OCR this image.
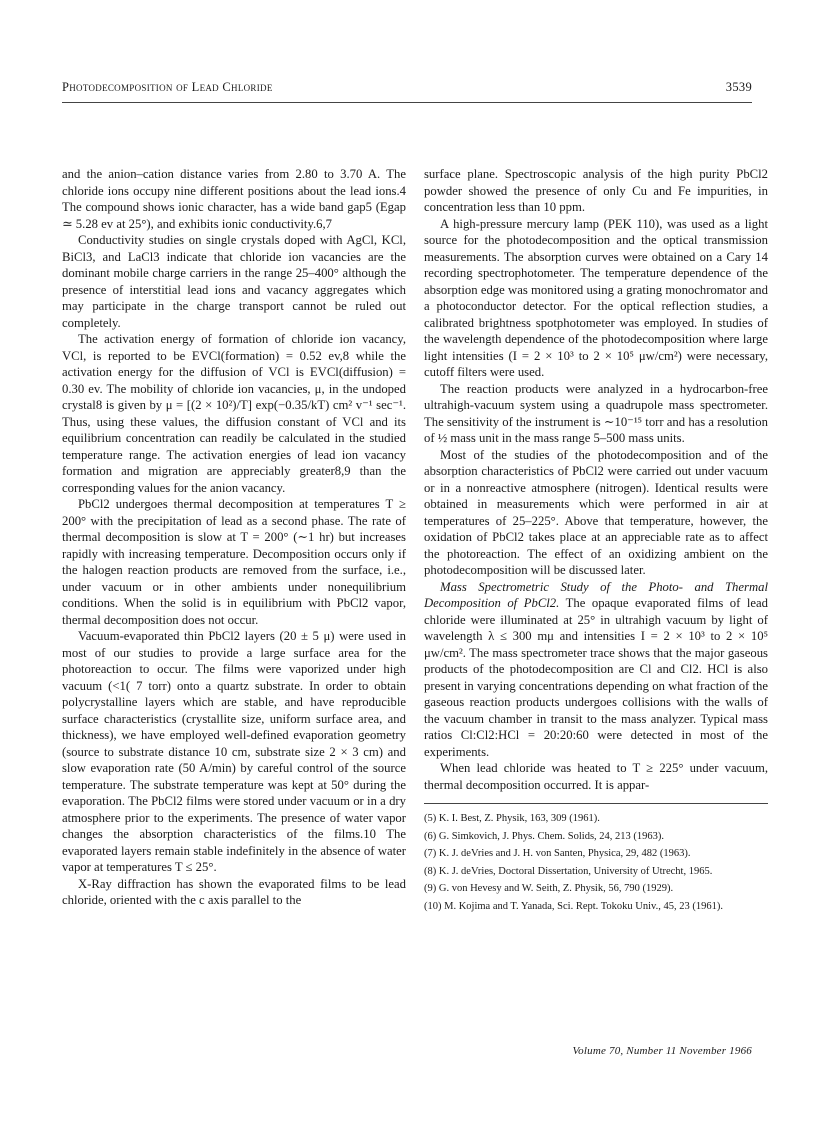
Photodecomposition of Lead Chloride	3539

and the anion–cation distance varies from 2.80 to 3.70 A. The chloride ions occupy nine different positions about the lead ions.4 The compound shows ionic character, has a wide band gap5 (Egap ≃ 5.28 ev at 25°), and exhibits ionic conductivity.6,7

Conductivity studies on single crystals doped with AgCl, KCl, BiCl3, and LaCl3 indicate that chloride ion vacancies are the dominant mobile charge carriers in the range 25–400° although the presence of interstitial lead ions and vacancy aggregates which may participate in the charge transport cannot be ruled out completely.

The activation energy of formation of chloride ion vacancy, VCl, is reported to be EVCl(formation) = 0.52 ev,8 while the activation energy for the diffusion of VCl is EVCl(diffusion) = 0.30 ev. The mobility of chloride ion vacancies, μ, in the undoped crystal8 is given by μ = [(2 × 10²)/T] exp(−0.35/kT) cm² v⁻¹ sec⁻¹. Thus, using these values, the diffusion constant of VCl and its equilibrium concentration can readily be calculated in the studied temperature range. The activation energies of lead ion vacancy formation and migration are appreciably greater8,9 than the corresponding values for the anion vacancy.

PbCl2 undergoes thermal decomposition at temperatures T ≥ 200° with the precipitation of lead as a second phase. The rate of thermal decomposition is slow at T = 200° (∼1 hr) but increases rapidly with increasing temperature. Decomposition occurs only if the halogen reaction products are removed from the surface, i.e., under vacuum or in other ambients under nonequilibrium conditions. When the solid is in equilibrium with PbCl2 vapor, thermal decomposition does not occur.

Vacuum-evaporated thin PbCl2 layers (20 ± 5 μ) were used in most of our studies to provide a large surface area for the photoreaction to occur. The films were vaporized under high vacuum (<1( 7 torr) onto a quartz substrate. In order to obtain polycrystalline layers which are stable, and have reproducible surface characteristics (crystallite size, uniform surface area, and thickness), we have employed well-defined evaporation geometry (source to substrate distance 10 cm, substrate size 2 × 3 cm) and slow evaporation rate (50 A/min) by careful control of the source temperature. The substrate temperature was kept at 50° during the evaporation. The PbCl2 films were stored under vacuum or in a dry atmosphere prior to the experiments. The presence of water vapor changes the absorption characteristics of the films.10 The evaporated layers remain stable indefinitely in the absence of water vapor at temperatures T ≤ 25°.

X-Ray diffraction has shown the evaporated films to be lead chloride, oriented with the c axis parallel to the

surface plane. Spectroscopic analysis of the high purity PbCl2 powder showed the presence of only Cu and Fe impurities, in concentration less than 10 ppm.

A high-pressure mercury lamp (PEK 110), was used as a light source for the photodecomposition and the optical transmission measurements. The absorption curves were obtained on a Cary 14 recording spectrophotometer. The temperature dependence of the absorption edge was monitored using a grating monochromator and a photoconductor detector. For the optical reflection studies, a calibrated brightness spotphotometer was employed. In studies of the wavelength dependence of the photodecomposition where large light intensities (I = 2 × 10³ to 2 × 10⁵ μw/cm²) were necessary, cutoff filters were used.

The reaction products were analyzed in a hydrocarbon-free ultrahigh-vacuum system using a quadrupole mass spectrometer. The sensitivity of the instrument is ∼10⁻¹⁵ torr and has a resolution of ½ mass unit in the mass range 5–500 mass units.

Most of the studies of the photodecomposition and of the absorption characteristics of PbCl2 were carried out under vacuum or in a nonreactive atmosphere (nitrogen). Identical results were obtained in measurements which were performed in air at temperatures of 25–225°. Above that temperature, however, the oxidation of PbCl2 takes place at an appreciable rate as to affect the photoreaction. The effect of an oxidizing ambient on the photodecomposition will be discussed later.

Mass Spectrometric Study of the Photo- and Thermal Decomposition of PbCl2. The opaque evaporated films of lead chloride were illuminated at 25° in ultrahigh vacuum by light of wavelength λ ≤ 300 mμ and intensities I = 2 × 10³ to 2 × 10⁵ μw/cm². The mass spectrometer trace shows that the major gaseous products of the photodecomposition are Cl and Cl2. HCl is also present in varying concentrations depending on what fraction of the gaseous reaction products undergoes collisions with the walls of the vacuum chamber in transit to the mass analyzer. Typical mass ratios Cl:Cl2:HCl = 20:20:60 were detected in most of the experiments.

When lead chloride was heated to T ≥ 225° under vacuum, thermal decomposition occurred. It is appar-

(5) K. I. Best, Z. Physik, 163, 309 (1961).
(6) G. Simkovich, J. Phys. Chem. Solids, 24, 213 (1963).
(7) K. J. deVries and J. H. von Santen, Physica, 29, 482 (1963).
(8) K. J. deVries, Doctoral Dissertation, University of Utrecht, 1965.
(9) G. von Hevesy and W. Seith, Z. Physik, 56, 790 (1929).
(10) M. Kojima and T. Yanada, Sci. Rept. Tokoku Univ., 45, 23 (1961).
Volume 70, Number 11 November 1966
